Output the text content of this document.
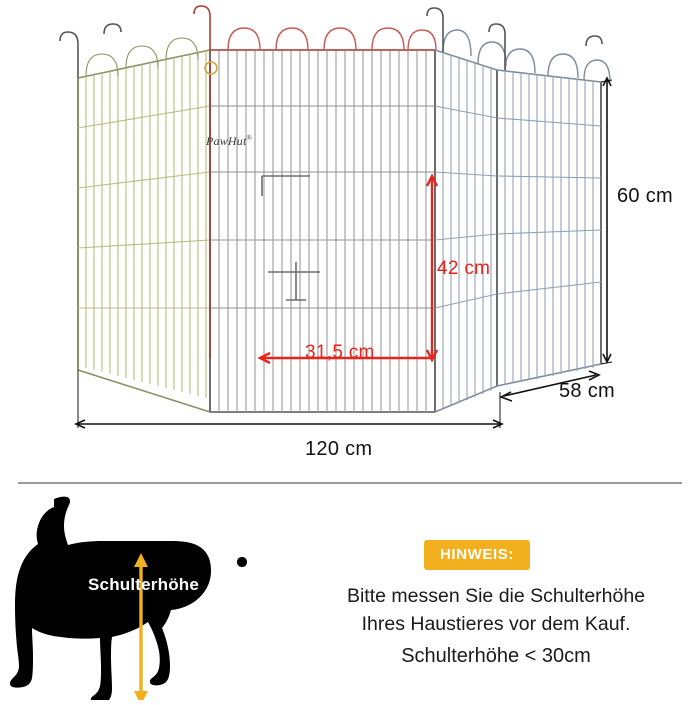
PawHut®
60 cm
58 cm
120 cm
42 cm
31,5 cm
Schulterhöhe
HINWEIS:
Bitte messen Sie die Schulterhöhe
Ihres Haustieres vor dem Kauf.
Schulterhöhe < 30cm
